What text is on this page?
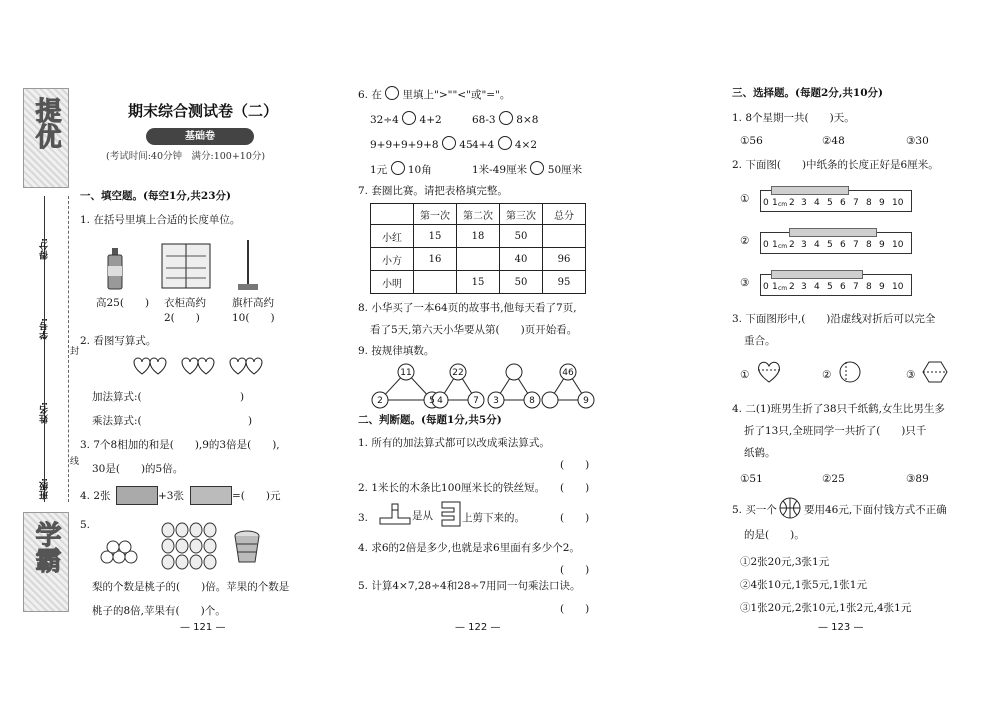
提优
学霸
得分:
学号:
姓名:
班级:
封
线
期末综合测试卷（二）
基础卷
(考试时间:40分钟　满分:100+10分)
一、填空题。(每空1分,共23分)
1. 在括号里填上合适的长度单位。
高25(　　) 衣柜高约
2(　　)
旗杆高约
10(　　)
2. 看图写算式。
加法算式:(	)
乘法算式:(	)
3. 7个8相加的和是(　　),9的3倍是(　　),
30是(　　)的5倍。
4. 2张	+3张	=(　　)元
5.
梨的个数是桃子的(　　)倍。苹果的个数是
桃子的8倍,苹果有(　　)个。
— 121 —
6. 在 里填上">""<"或"="。
32÷4 4+2	68-3 8×8
9+9+9+9+8 45 4+4 4×2
1元 10角	1米-49厘米 50厘米
7. 套圈比赛。请把表格填完整。
	第一次	第二次	第三次	总分
小红	15	18	50	
小方	16		40	96
小明		15	50	95
8. 小华买了一本64页的故事书,他每天看了7页,
看了5天,第六天小华要从第(　　)页开始看。
9. 按规律填数。
11
2	5
22
4	7 3	8
46
9
二、判断题。(每题1分,共5分)
1. 所有的加法算式都可以改成乘法算式。
(　　)
2. 1米长的木条比100厘米长的铁丝短。 (　　)
3.	是从	上剪下来的。	(　　)
4. 求6的2倍是多少,也就是求6里面有多少个2。
(　　)
5. 计算4×7,28÷4和28÷7用同一句乘法口诀。
(　　)
— 122 —
三、选择题。(每题2分,共10分)
1. 8个星期一共(　　)天。
①56	②48	③30
2. 下面图(　　)中纸条的长度正好是6厘米。
① 0 1 cm 2 3 4 5 6 7 8 9 10
② 0 1 cm 2 3 4 5 6 7 8 9 10
③ 0 1 cm 2 3 4 5 6 7 8 9 10
3. 下面图形中,(　　)沿虚线对折后可以完全
重合。
①	②	③
4. 二(1)班男生折了38只千纸鹤,女生比男生多
折了13只,全班同学一共折了(　　)只千
纸鹤。
①51	②25	③89
5. 买一个	要用46元,下面付钱方式不正确
的是(　　)。
①2张20元,3张1元
②4张10元,1张5元,1张1元
③1张20元,2张10元,1张2元,4张1元
— 123 —
